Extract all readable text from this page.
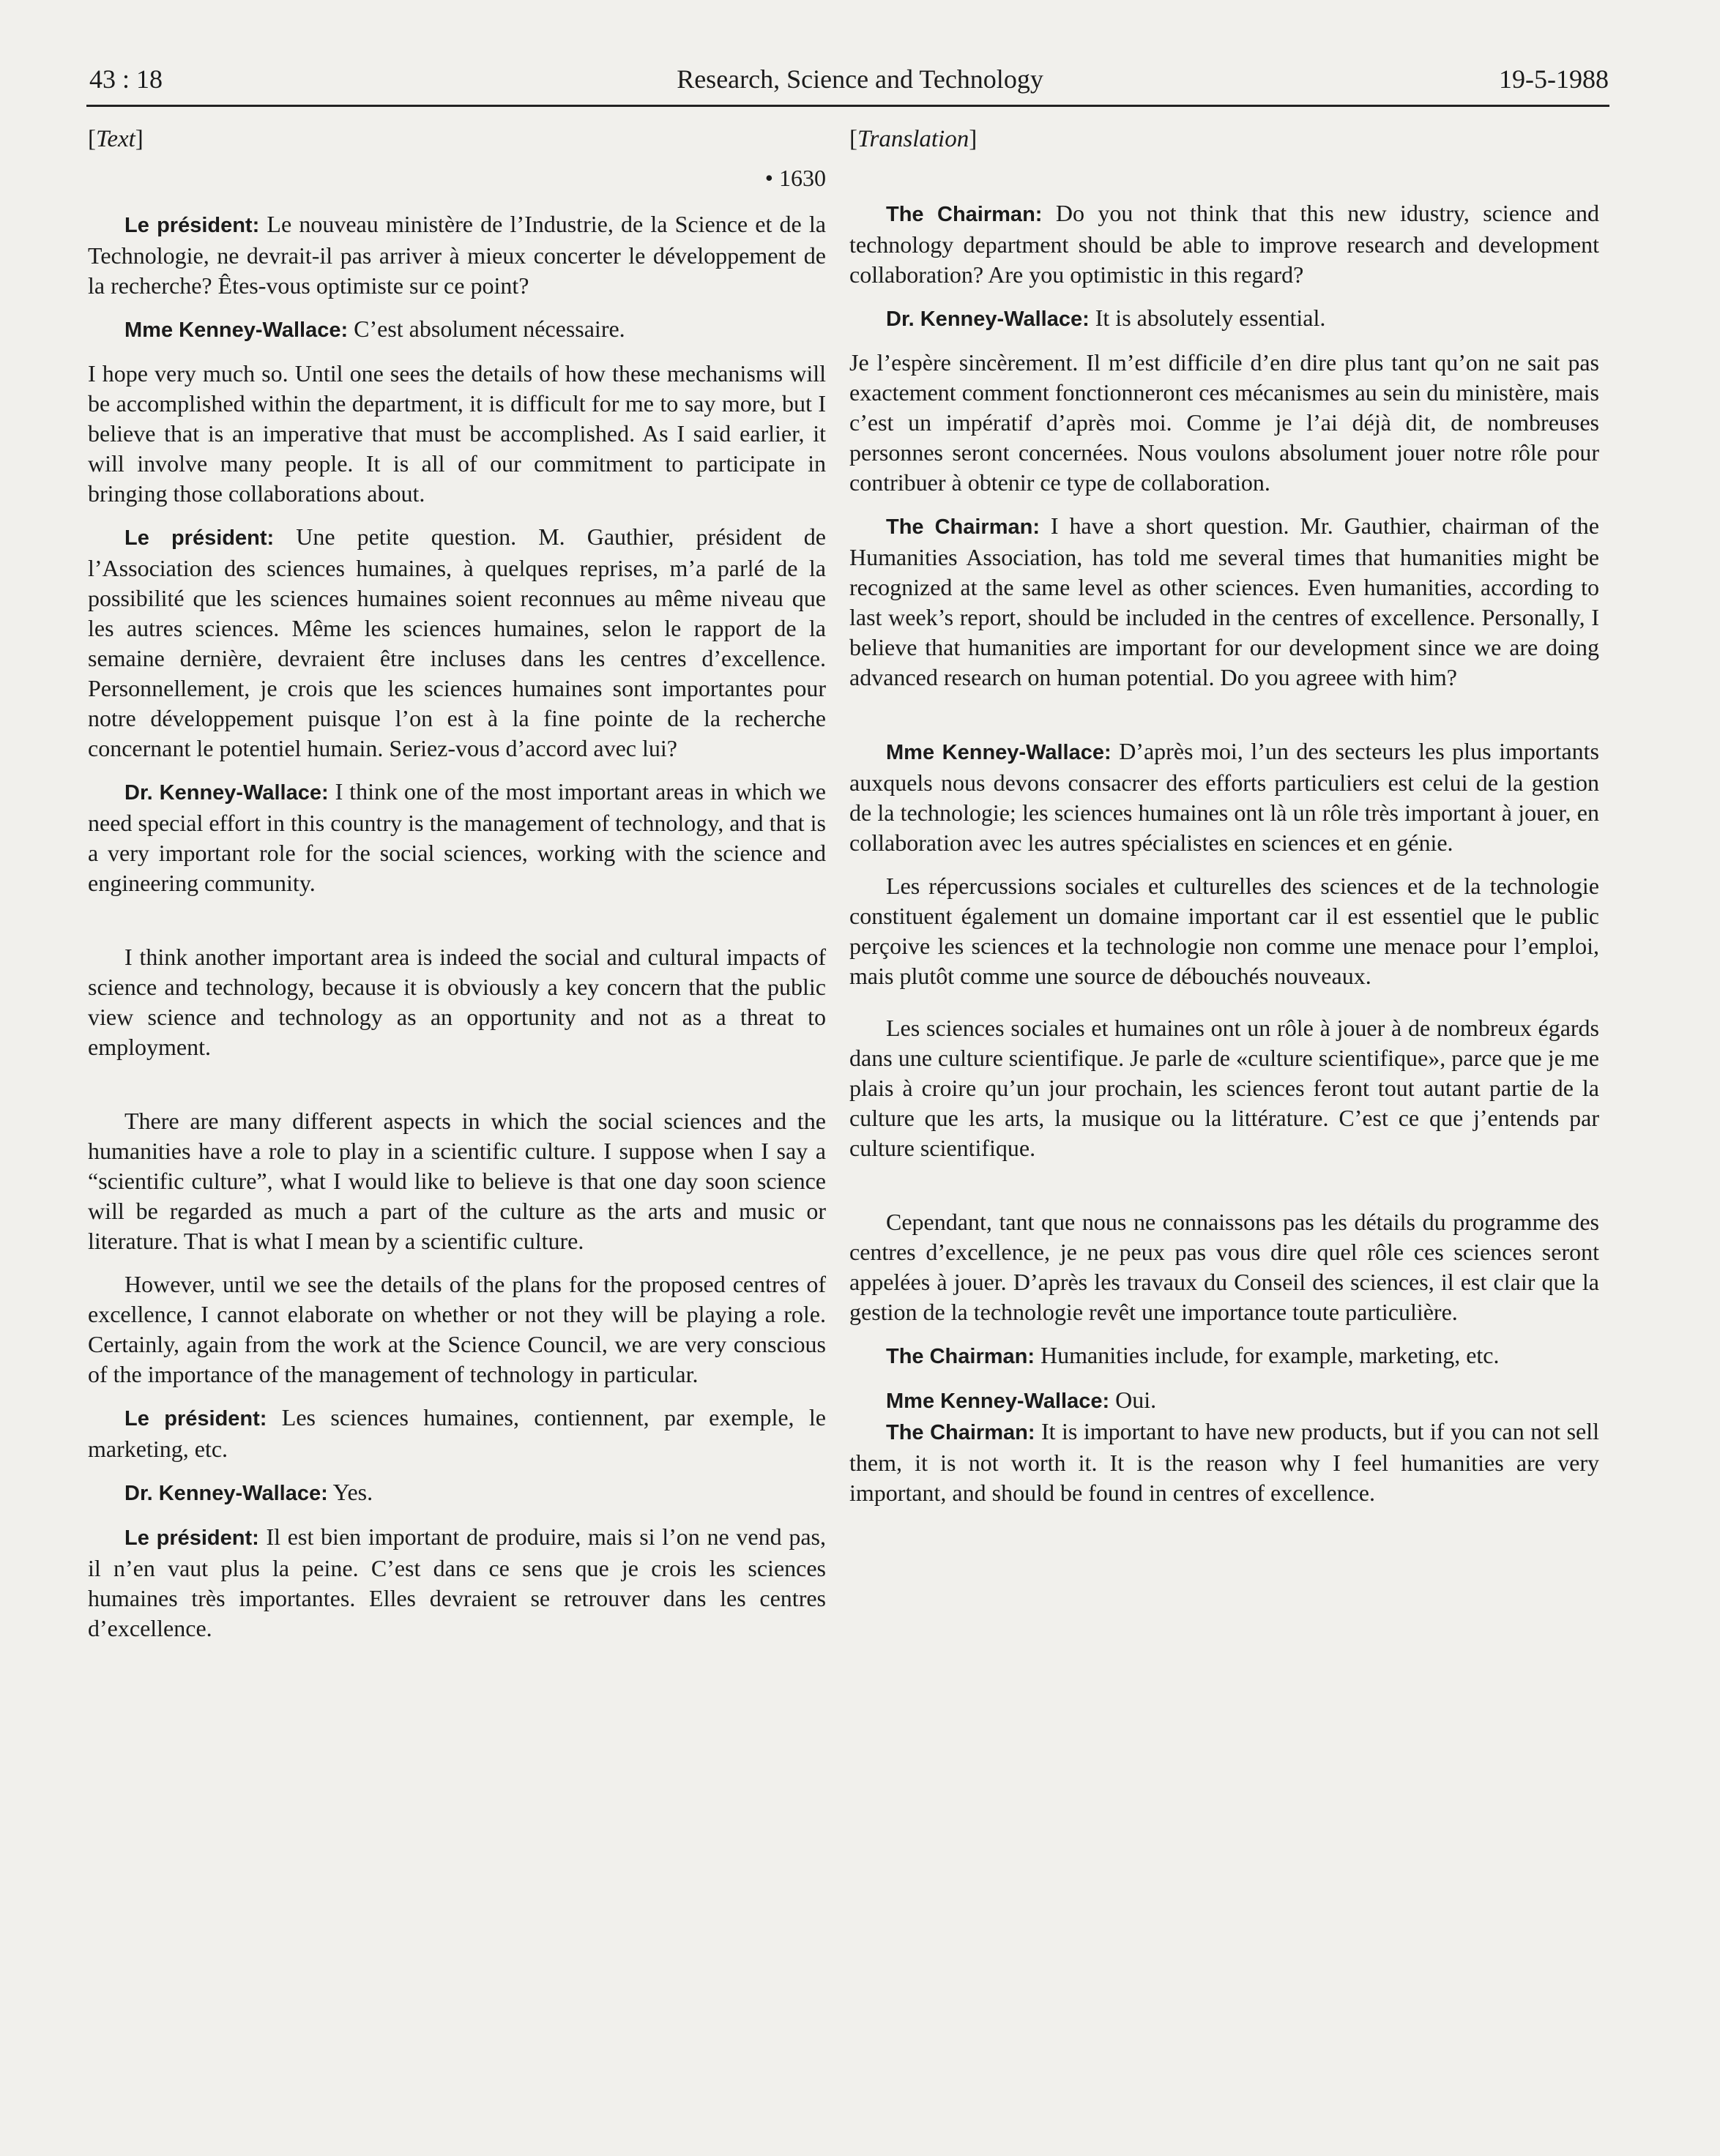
43 : 18	Research, Science and Technology	19-5-1988

[Text]

• 1630

Le président: Le nouveau ministère de l’Industrie, de la Science et de la Technologie, ne devrait-il pas arriver à mieux concerter le développement de la recherche? Êtes-vous optimiste sur ce point?

Mme Kenney-Wallace: C’est absolument nécessaire.

I hope very much so. Until one sees the details of how these mechanisms will be accomplished within the department, it is difficult for me to say more, but I believe that is an imperative that must be accomplished. As I said earlier, it will involve many people. It is all of our commitment to participate in bringing those collaborations about.

Le président: Une petite question. M. Gauthier, président de l’Association des sciences humaines, à quelques reprises, m’a parlé de la possibilité que les sciences humaines soient reconnues au même niveau que les autres sciences. Même les sciences humaines, selon le rapport de la semaine dernière, devraient être incluses dans les centres d’excellence. Personnellement, je crois que les sciences humaines sont importantes pour notre développement puisque l’on est à la fine pointe de la recherche concernant le potentiel humain. Seriez-vous d’accord avec lui?

Dr. Kenney-Wallace: I think one of the most important areas in which we need special effort in this country is the management of technology, and that is a very important role for the social sciences, working with the science and engineering community.

I think another important area is indeed the social and cultural impacts of science and technology, because it is obviously a key concern that the public view science and technology as an opportunity and not as a threat to employment.

There are many different aspects in which the social sciences and the humanities have a role to play in a scientific culture. I suppose when I say a “scientific culture”, what I would like to believe is that one day soon science will be regarded as much a part of the culture as the arts and music or literature. That is what I mean by a scientific culture.

However, until we see the details of the plans for the proposed centres of excellence, I cannot elaborate on whether or not they will be playing a role. Certainly, again from the work at the Science Council, we are very conscious of the importance of the management of technology in particular.

Le président: Les sciences humaines, contiennent, par exemple, le marketing, etc.

Dr. Kenney-Wallace: Yes.

Le président: Il est bien important de produire, mais si l’on ne vend pas, il n’en vaut plus la peine. C’est dans ce sens que je crois les sciences humaines très importantes. Elles devraient se retrouver dans les centres d’excellence.

[Translation]

The Chairman: Do you not think that this new idustry, science and technology department should be able to improve research and development collaboration? Are you optimistic in this regard?

Dr. Kenney-Wallace: It is absolutely essential.

Je l’espère sincèrement. Il m’est difficile d’en dire plus tant qu’on ne sait pas exactement comment fonctionneront ces mécanismes au sein du ministère, mais c’est un impératif d’après moi. Comme je l’ai déjà dit, de nombreuses personnes seront concernées. Nous voulons absolument jouer notre rôle pour contribuer à obtenir ce type de collaboration.

The Chairman: I have a short question. Mr. Gauthier, chairman of the Humanities Association, has told me several times that humanities might be recognized at the same level as other sciences. Even humanities, according to last week’s report, should be included in the centres of excellence. Personally, I believe that humanities are important for our development since we are doing advanced research on human potential. Do you agreee with him?

Mme Kenney-Wallace: D’après moi, l’un des secteurs les plus importants auxquels nous devons consacrer des efforts particuliers est celui de la gestion de la technologie; les sciences humaines ont là un rôle très important à jouer, en collaboration avec les autres spécialistes en sciences et en génie.

Les répercussions sociales et culturelles des sciences et de la technologie constituent également un domaine important car il est essentiel que le public perçoive les sciences et la technologie non comme une menace pour l’emploi, mais plutôt comme une source de débouchés nouveaux.

Les sciences sociales et humaines ont un rôle à jouer à de nombreux égards dans une culture scientifique. Je parle de «culture scientifique», parce que je me plais à croire qu’un jour prochain, les sciences feront tout autant partie de la culture que les arts, la musique ou la littérature. C’est ce que j’entends par culture scientifique.

Cependant, tant que nous ne connaissons pas les détails du programme des centres d’excellence, je ne peux pas vous dire quel rôle ces sciences seront appelées à jouer. D’après les travaux du Conseil des sciences, il est clair que la gestion de la technologie revêt une importance toute particulière.

The Chairman: Humanities include, for example, marketing, etc.

Mme Kenney-Wallace: Oui.

The Chairman: It is important to have new products, but if you can not sell them, it is not worth it. It is the reason why I feel humanities are very important, and should be found in centres of excellence.
